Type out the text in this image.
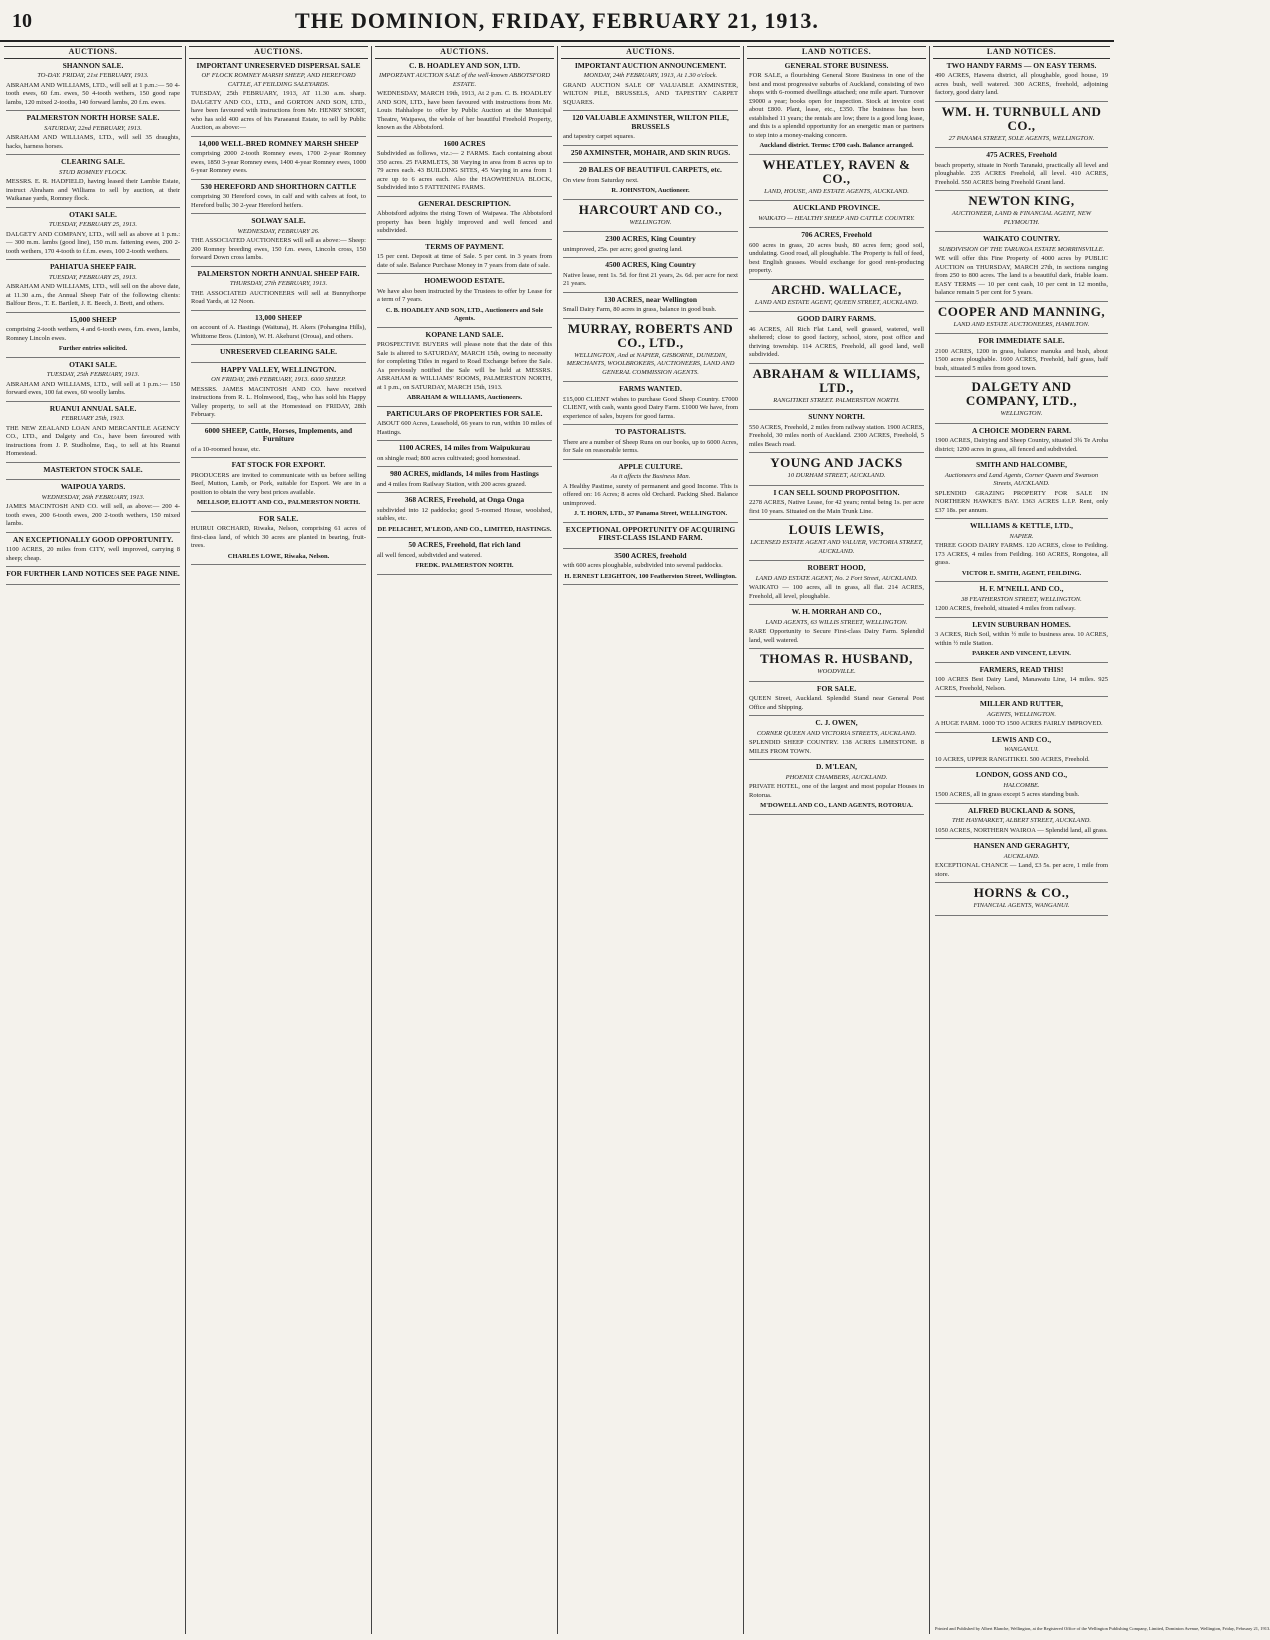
10	THE DOMINION, FRIDAY, FEBRUARY 21, 1913.
AUCTIONS.
SHANNON SALE.
TO-DAY. FRIDAY, 21st FEBRUARY, 1913.
ABRAHAM AND WILLIAMS, LTD., will sell at 1 p.m.:— 50 4-tooth ewes, 60 f.m. ewes, 50 4-tooth wethers, 150 good rape lambs, 120 mixed 2-tooths, 140 forward lambs, 20 f.m. ewes.
PALMERSTON NORTH HORSE SALE.
SATURDAY, 22nd FEBRUARY, 1913.
ABRAHAM AND WILLIAMS, LTD., will sell 35 draughts, hacks, harness horses.
CLEARING SALE.
STUD ROMNEY FLOCK.
MESSRS. E. R. HADFIELD, having leased their Lambie Estate, instruct Abraham and Williams to sell by auction, at their Waikanae yards, Romney flock.
OTAKI SALE.
TUESDAY, FEBRUARY 25, 1913.
DALGETY AND COMPANY, LTD., will sell as above at 1 p.m.:— 300 m.m. lambs (good line), 150 m.m. fattening ewes, 200 2-tooth wethers, 170 4-tooth to f.f.m. ewes, 100 2-tooth wethers.
PAHIATUA SHEEP FAIR.
TUESDAY, FEBRUARY 25, 1913.
ABRAHAM AND WILLIAMS, LTD., will sell on the above date, at 11.30 a.m., the Annual Sheep Fair of the following clients: Balfour Bros., T. E. Bartlett, J. E. Beech, J. Brett, and others.
15,000 SHEEP
comprising 2-tooth wethers, 4 and 6-tooth ewes, f.m. ewes, lambs, Romney Lincoln ewes.
Further entries solicited.
OTAKI SALE.
TUESDAY, 25th FEBRUARY, 1913.
ABRAHAM AND WILLIAMS, LTD., will sell at 1 p.m.:— 150 forward ewes, 100 fat ewes, 60 woolly lambs.
RUANUI ANNUAL SALE.
FEBRUARY 25th, 1913.
THE NEW ZEALAND LOAN AND MERCANTILE AGENCY CO., LTD., and Dalgety and Co., have been favoured with instructions from J. P. Studholme, Esq., to sell at his Ruanui Homestead.
MASTERTON STOCK SALE.
WAIPOUA YARDS.
WEDNESDAY, 26th FEBRUARY, 1913.
JAMES MACINTOSH AND CO. will sell, as above:— 200 4-tooth ewes, 200 6-tooth ewes, 200 2-tooth wethers, 150 mixed lambs.
AN EXCEPTIONALLY GOOD OPPORTUNITY.
1100 ACRES, 20 miles from CITY, well improved, carrying 8 sheep; cheap.
FOR FURTHER LAND NOTICES SEE PAGE NINE.
AUCTIONS.
IMPORTANT UNRESERVED DISPERSAL SALE
OF FLOCK ROMNEY MARSH SHEEP, AND HEREFORD CATTLE, AT FEILDING SALEYARDS.
TUESDAY, 25th FEBRUARY, 1913, AT 11.30 a.m. sharp. DALGETY AND CO., LTD., and GORTON AND SON, LTD., have been favoured with instructions from Mr. HENRY SHORT, who has sold 400 acres of his Paraeanui Estate, to sell by Public Auction, as above:—
14,000 WELL-BRED ROMNEY MARSH SHEEP
comprising 2000 2-tooth Romney ewes, 1700 2-year Romney ewes, 1850 3-year Romney ewes, 1400 4-year Romney ewes, 1000 6-year Romney ewes.
530 HEREFORD AND SHORTHORN CATTLE
comprising 30 Hereford cows, in calf and with calves at foot, to Hereford bulls; 30 2-year Hereford heifers.
SOLWAY SALE.
WEDNESDAY, FEBRUARY 26.
THE ASSOCIATED AUCTIONEERS will sell as above:— Sheep: 200 Romney breeding ewes, 150 f.m. ewes, Lincoln cross, 150 forward Down cross lambs.
PALMERSTON NORTH ANNUAL SHEEP FAIR.
THURSDAY, 27th FEBRUARY, 1913.
THE ASSOCIATED AUCTIONEERS will sell at Bunnythorpe Road Yards, at 12 Noon.
13,000 SHEEP
on account of A. Hastings (Waituna), H. Akers (Pohangina Hills), Whittome Bros. (Linton), W. H. Akehurst (Oroua), and others.
UNRESERVED CLEARING SALE.
HAPPY VALLEY, WELLINGTON.
ON FRIDAY, 28th FEBRUARY, 1913. 6000 SHEEP.
MESSRS. JAMES MACINTOSH AND CO. have received instructions from R. L. Holmwood, Esq., who has sold his Happy Valley property, to sell at the Homestead on FRIDAY, 28th February.
6000 SHEEP, Cattle, Horses, Implements, and Furniture
of a 10-roomed house, etc.
FAT STOCK FOR EXPORT.
PRODUCERS are invited to communicate with us before selling Beef, Mutton, Lamb, or Pork, suitable for Export. We are in a position to obtain the very best prices available.
MELLSOP, ELIOTT AND CO., PALMERSTON NORTH.
FOR SALE.
HUIRUI ORCHARD, Riwaka, Nelson, comprising 61 acres of first-class land, of which 30 acres are planted in bearing, fruit-trees.
CHARLES LOWE, Riwaka, Nelson.
AUCTIONS.
C. B. HOADLEY AND SON, LTD.
IMPORTANT AUCTION SALE of the well-known ABBOTSFORD ESTATE.
WEDNESDAY, MARCH 19th, 1913, At 2 p.m. C. B. HOADLEY AND SON, LTD., have been favoured with instructions from Mr. Louis Hahhalope to offer by Public Auction at the Municipal Theatre, Waipawa, the whole of her beautiful Freehold Property, known as the Abbotsford.
1600 ACRES
Subdivided as follows, viz.:— 2 FARMS. Each containing about 350 acres. 25 FARMLETS, 38 Varying in area from 8 acres up to 79 acres each. 43 BUILDING SITES, 45 Varying in area from 1 acre up to 6 acres each. Also the HAOWHENUA BLOCK, Subdivided into 5 FATTENING FARMS.
GENERAL DESCRIPTION.
Abbotsford adjoins the rising Town of Waipawa. The Abbotsford property has been highly improved and well fenced and subdivided.
TERMS OF PAYMENT.
15 per cent. Deposit at time of Sale. 5 per cent. in 3 years from date of sale. Balance Purchase Money in 7 years from date of sale.
HOMEWOOD ESTATE.
We have also been instructed by the Trustees to offer by Lease for a term of 7 years.
C. B. HOADLEY AND SON, LTD., Auctioneers and Sole Agents.
KOPANE LAND SALE.
PROSPECTIVE BUYERS will please note that the date of this Sale is altered to SATURDAY, MARCH 15th, owing to necessity for completing Titles in regard to Road Exchange before the Sale. As previously notified the Sale will be held at MESSRS. ABRAHAM & WILLIAMS' ROOMS, PALMERSTON NORTH, at 1 p.m., on SATURDAY, MARCH 15th, 1913.
ABRAHAM & WILLIAMS, Auctioneers.
PARTICULARS OF PROPERTIES FOR SALE.
ABOUT 600 Acres, Leasehold, 66 years to run, within 10 miles of Hastings.
1100 ACRES, 14 miles from Waipukurau
on shingle road; 800 acres cultivated; good homestead.
980 ACRES, midlands, 14 miles from Hastings
and 4 miles from Railway Station, with 200 acres grazed.
368 ACRES, Freehold, at Onga Onga
subdivided into 12 paddocks; good 5-roomed House, woolshed, stables, etc.
DE PELICHET, M'LEOD, AND CO., LIMITED, HASTINGS.
50 ACRES, Freehold, flat rich land
all well fenced, subdivided and watered.
FREDK. PALMERSTON NORTH.
AUCTIONS.
IMPORTANT AUCTION ANNOUNCEMENT.
MONDAY, 24th FEBRUARY, 1913, At 1.30 o'clock.
GRAND AUCTION SALE OF VALUABLE AXMINSTER, WILTON PILE, BRUSSELS, AND TAPESTRY CARPET SQUARES.
120 VALUABLE AXMINSTER, WILTON PILE, BRUSSELS
and tapestry carpet squares.
250 AXMINSTER, MOHAIR, AND SKIN RUGS.
20 BALES OF BEAUTIFUL CARPETS, etc.
On view from Saturday next.
R. JOHNSTON, Auctioneer.
HARCOURT AND CO.,
WELLINGTON.
2300 ACRES, King Country
unimproved, 25s. per acre; good grazing land.
4500 ACRES, King Country
Native lease, rent 1s. 5d. for first 21 years, 2s. 6d. per acre for next 21 years.
130 ACRES, near Wellington
Small Dairy Farm, 80 acres in grass, balance in good bush.
MURRAY, ROBERTS AND CO., LTD.,
WELLINGTON, And at NAPIER, GISBORNE, DUNEDIN, MERCHANTS, WOOLBROKERS, AUCTIONEERS, LAND AND GENERAL COMMISSION AGENTS.
FARMS WANTED.
£15,000 CLIENT wishes to purchase Good Sheep Country. £7000 CLIENT, with cash, wants good Dairy Farm. £1000 We have, from experience of sales, buyers for good farms.
TO PASTORALISTS.
There are a number of Sheep Runs on our books, up to 6000 Acres, for Sale on reasonable terms.
APPLE CULTURE.
As it affects the Business Man.
A Healthy Pastime, surety of permanent and good Income. This is offered on: 16 Acres; 8 acres old Orchard. Packing Shed. Balance unimproved.
J. T. HORN, LTD., 37 Panama Street, WELLINGTON.
EXCEPTIONAL OPPORTUNITY OF ACQUIRING FIRST-CLASS ISLAND FARM.
3500 ACRES, freehold
with 600 acres ploughable, subdivided into several paddocks.
H. ERNEST LEIGHTON, 100 Featherston Street, Wellington.
LAND NOTICES.
GENERAL STORE BUSINESS.
FOR SALE, a flourishing General Store Business in one of the best and most progressive suburbs of Auckland, consisting of two shops with 6-roomed dwellings attached; one mile apart. Turnover £9000 a year; books open for inspection. Stock at invoice cost about £800. Plant, lease, etc., £350. The business has been established 11 years; the rentals are low; there is a good long lease, and this is a splendid opportunity for an energetic man or partners to step into a money-making concern.
Auckland district. Terms: £700 cash. Balance arranged.
WHEATLEY, RAVEN & CO.,
LAND, HOUSE, AND ESTATE AGENTS, AUCKLAND.
AUCKLAND PROVINCE.
WAIKATO — HEALTHY SHEEP AND CATTLE COUNTRY.
706 ACRES, Freehold
600 acres in grass, 20 acres bush, 80 acres fern; good soil, undulating. Good road, all ploughable. The Property is full of feed, best English grasses. Would exchange for good rent-producing property.
ARCHD. WALLACE,
LAND AND ESTATE AGENT, QUEEN STREET, AUCKLAND.
GOOD DAIRY FARMS.
46 ACRES, All Rich Flat Land, well grassed, watered, well sheltered; close to good factory, school, store, post office and thriving township. 114 ACRES, Freehold, all good land, well subdivided.
ABRAHAM & WILLIAMS, LTD.,
RANGITIKEI STREET. PALMERSTON NORTH.
SUNNY NORTH.
550 ACRES, Freehold, 2 miles from railway station. 1900 ACRES, Freehold, 30 miles north of Auckland. 2300 ACRES, Freehold, 5 miles Beach road.
YOUNG AND JACKS
10 DURHAM STREET, AUCKLAND.
I CAN SELL SOUND PROPOSITION.
2278 ACRES, Native Lease, for 42 years; rental being 1s. per acre first 10 years. Situated on the Main Trunk Line.
LOUIS LEWIS,
LICENSED ESTATE AGENT AND VALUER, VICTORIA STREET, AUCKLAND.
ROBERT HOOD,
LAND AND ESTATE AGENT, No. 2 Fort Street, AUCKLAND.
WAIKATO — 100 acres, all in grass, all flat. 214 ACRES, Freehold, all level, ploughable.
W. H. MORRAH AND CO.,
LAND AGENTS, 63 WILLIS STREET, WELLINGTON.
RARE Opportunity to Secure First-class Dairy Farm. Splendid land, well watered.
THOMAS R. HUSBAND,
WOODVILLE.
FOR SALE.
QUEEN Street, Auckland. Splendid Stand near General Post Office and Shipping.
C. J. OWEN,
CORNER QUEEN AND VICTORIA STREETS, AUCKLAND.
SPLENDID SHEEP COUNTRY. 138 ACRES LIMESTONE. 8 MILES FROM TOWN.
D. M'LEAN,
PHOENIX CHAMBERS, AUCKLAND.
PRIVATE HOTEL, one of the largest and most popular Houses in Rotorua.
M'DOWELL AND CO., LAND AGENTS, ROTORUA.
LAND NOTICES.
TWO HANDY FARMS — ON EASY TERMS.
490 ACRES, Hawera district, all ploughable, good house, 19 acres bush, well watered. 300 ACRES, freehold, adjoining factory, good dairy land.
WM. H. TURNBULL AND CO.,
27 PANAMA STREET, SOLE AGENTS, WELLINGTON.
475 ACRES, Freehold
beach property, situate in North Taranaki, practically all level and ploughable. 235 ACRES Freehold, all level. 410 ACRES, Freehold. 550 ACRES being Freehold Grant land.
NEWTON KING,
AUCTIONEER, LAND & FINANCIAL AGENT, NEW PLYMOUTH.
WAIKATO COUNTRY.
SUBDIVISION OF THE TARUKOA ESTATE MORRINSVILLE.
WE will offer this Fine Property of 4000 acres by PUBLIC AUCTION on THURSDAY, MARCH 27th, in sections ranging from 250 to 800 acres. The land is a beautiful dark, friable loam. EASY TERMS — 10 per cent cash, 10 per cent in 12 months, balance remain 5 per cent for 5 years.
COOPER AND MANNING,
LAND AND ESTATE AUCTIONEERS, HAMILTON.
FOR IMMEDIATE SALE.
2100 ACRES, 1200 in grass, balance manuka and bush, about 1500 acres ploughable. 1600 ACRES, Freehold, half grass, half bush, situated 5 miles from good town.
DALGETY AND COMPANY, LTD.,
WELLINGTON.
A CHOICE MODERN FARM.
1900 ACRES, Dairying and Sheep Country, situated 3¾ Te Aroha district; 1200 acres in grass, all fenced and subdivided.
SMITH AND HALCOMBE,
Auctioneers and Land Agents, Corner Queen and Swanson Streets, AUCKLAND.
SPLENDID GRAZING PROPERTY FOR SALE IN NORTHERN HAWKE'S BAY. 1363 ACRES L.I.P. Rent, only £37 18s. per annum.
WILLIAMS & KETTLE, LTD.,
NAPIER.
THREE GOOD DAIRY FARMS. 120 ACRES, close to Feilding. 173 ACRES, 4 miles from Feilding. 160 ACRES, Rongotea, all grass.
VICTOR E. SMITH, AGENT, FEILDING.
H. F. M'NEILL AND CO.,
38 FEATHERSTON STREET, WELLINGTON.
1200 ACRES, freehold, situated 4 miles from railway.
LEVIN SUBURBAN HOMES.
3 ACRES, Rich Soil, within ½ mile to business area. 10 ACRES, within ½ mile Station.
PARKER AND VINCENT, LEVIN.
FARMERS, READ THIS!
100 ACRES Best Dairy Land, Manawatu Line, 14 miles. 925 ACRES, Freehold, Nelson.
MILLER AND RUTTER,
AGENTS, WELLINGTON.
A HUGE FARM. 1000 TO 1500 ACRES FAIRLY IMPROVED.
LEWIS AND CO.,
WANGANUI.
10 ACRES, UPPER RANGITIKEI. 500 ACRES, Freehold.
LONDON, GOSS AND CO.,
HALCOMBE.
1500 ACRES, all in grass except 5 acres standing bush.
ALFRED BUCKLAND & SONS,
THE HAYMARKET, ALBERT STREET, AUCKLAND.
1050 ACRES, NORTHERN WAIROA — Splendid land, all grass.
HANSEN AND GERAGHTY,
AUCKLAND.
EXCEPTIONAL CHANCE — Land, £3 5s. per acre, 1 mile from store.
HORNS & CO.,
FINANCIAL AGENTS, WANGANUI.
Printed and Published by Albert Blanche, Wellington, at the Registered Office of the Wellington Publishing Company, Limited, Dominion Avenue, Wellington, Friday, February 21, 1913.
